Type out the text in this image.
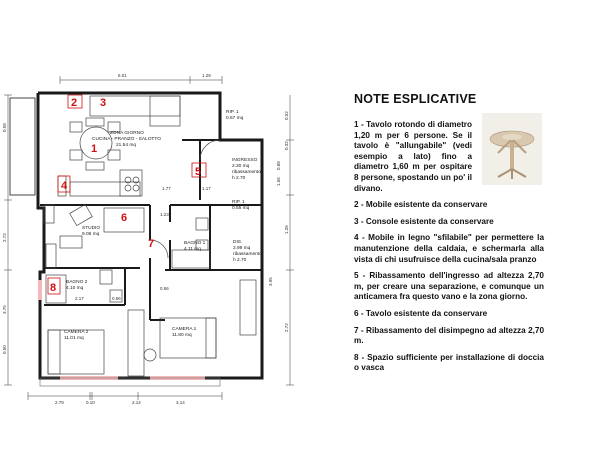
6.01	1.29
2.79	0.10	2.14	3.14
0.58
2.72
3.75
0.50
0.52
0.32
0.68
1.56
1.26
3.95
2.72
1.77	1.17
1.23
0.56
2.17	0.66
ZONA GIORNO
CUCINA - PRANZO - SALOTTO
21.54 mq
RIP. 1
0.67 mq
INGRESSO
2.30 mq
ribassamento
h 2.70
RIP. 1
0.55 mq
STUDIO
9.06 mq
BAGNO 1
4.11 mq
DIS.
2.99 mq
ribassamento
h 2.70
BAGNO 2
4.10 mq
CAMERA 2
11.01 mq
CAMERA 1
11.80 mq
2 3
1
4
5
6
7
8
NOTE ESPLICATIVE

1 - Tavolo rotondo di diametro 1,20 m per 6 persone. Se il tavolo è "allungabile" (vedi esempio a lato) fino a diametro 1,60 m per ospitare 8 persone, spostando un po' il divano.

2 - Mobile esistente da conservare

3 - Console esistente da conservare

4 - Mobile in legno "sfilabile" per permettere la manutenzione della caldaia, e schermarla alla vista di chi usufruisce della cucina/sala pranzo

5 - Ribassamento dell'ingresso ad altezza 2,70 m, per creare una separazione, e comunque un anticamera fra questo vano e la zona giorno.

6 - Tavolo esistente da conservare

7 - Ribassamento del disimpegno ad altezza 2,70 m.

8 - Spazio sufficiente per installazione di doccia o vasca
